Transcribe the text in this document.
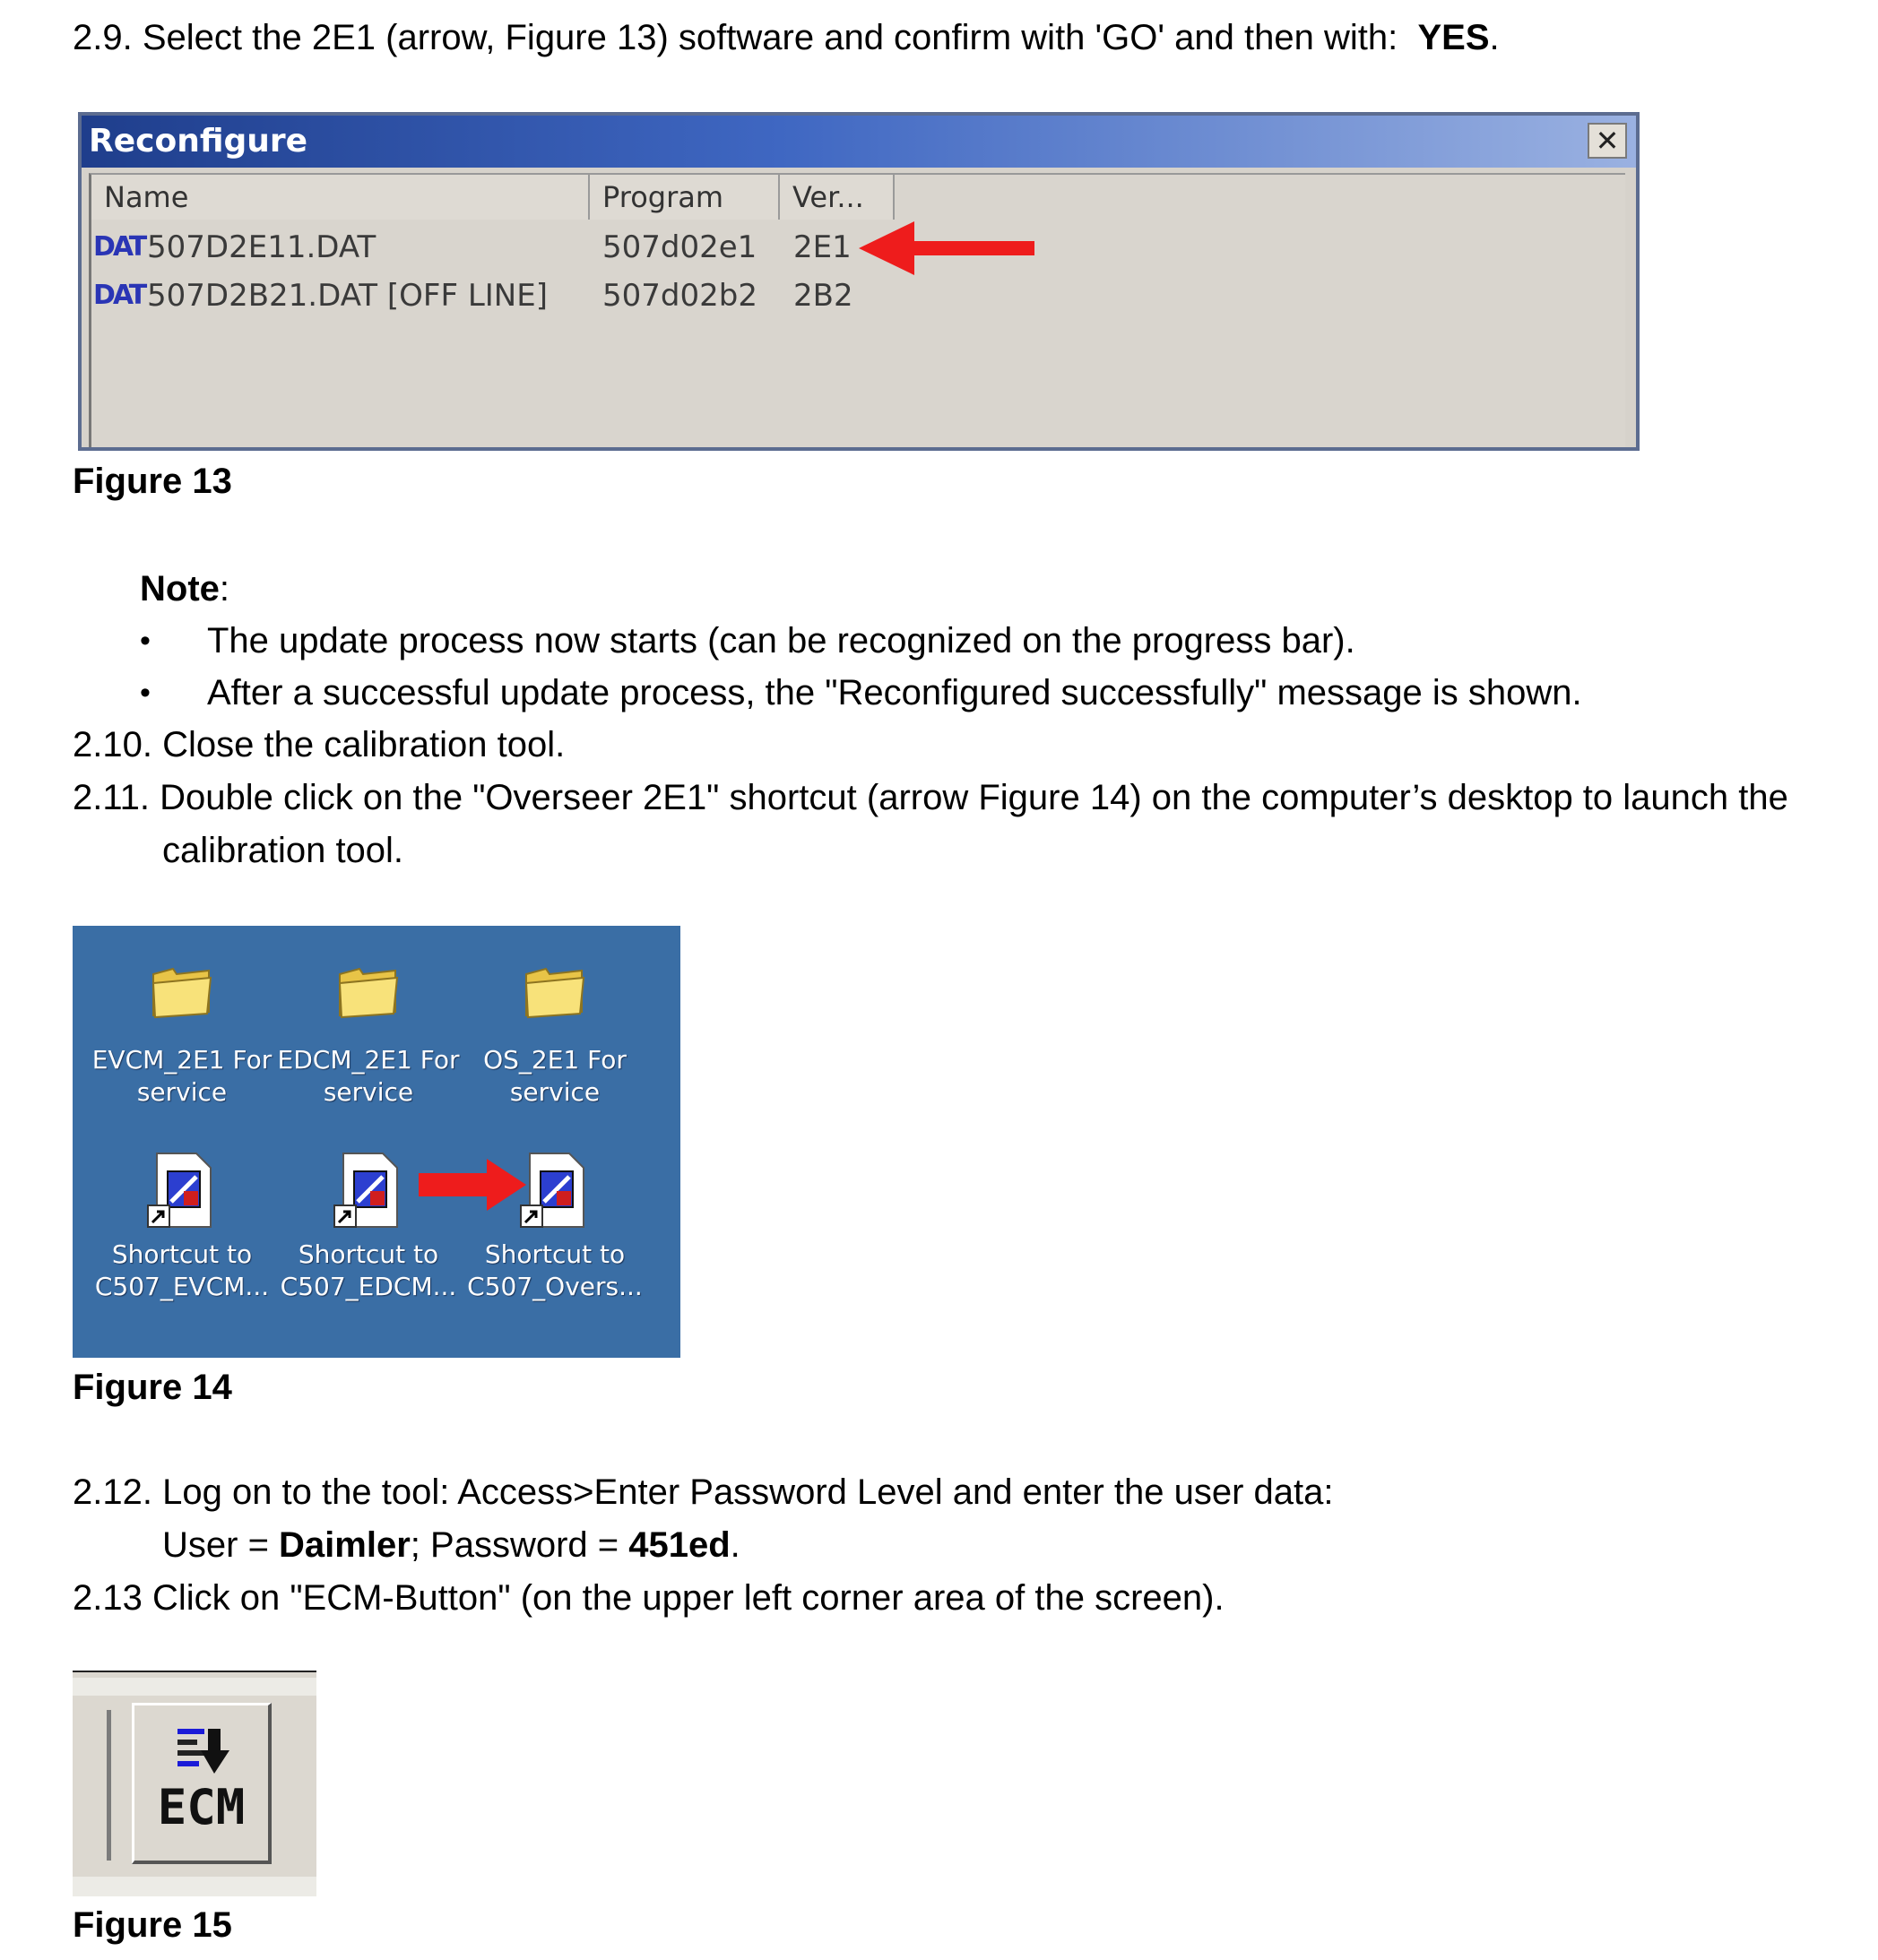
2.9. Select the 2E1 (arrow, Figure 13) software and confirm with 'GO' and then with: YES.
Reconfigure	✕
Name	Program	Ver...
DAT 507D2E11.DAT	507d02e1 2E1
DAT 507D2B21.DAT [OFF LINE] 507d02b2 2B2
Figure 13
Note:
• The update process now starts (can be recognized on the progress bar).
• After a successful update process, the "Reconfigured successfully" message is shown.
2.10. Close the calibration tool.
2.11. Double click on the "Overseer 2E1" shortcut (arrow Figure 14) on the computer’s desktop to launch the
calibration tool.
EVCM_2E1 For
service
EDCM_2E1 For
service
OS_2E1 For
service
Shortcut to
C507_EVCM...
Shortcut to
C507_EDCM...
Shortcut to
C507_Overs...
Figure 14
2.12. Log on to the tool: Access>Enter Password Level and enter the user data:
User = Daimler; Password = 451ed.
2.13 Click on "ECM-Button" (on the upper left corner area of the screen).
ECM
Figure 15
